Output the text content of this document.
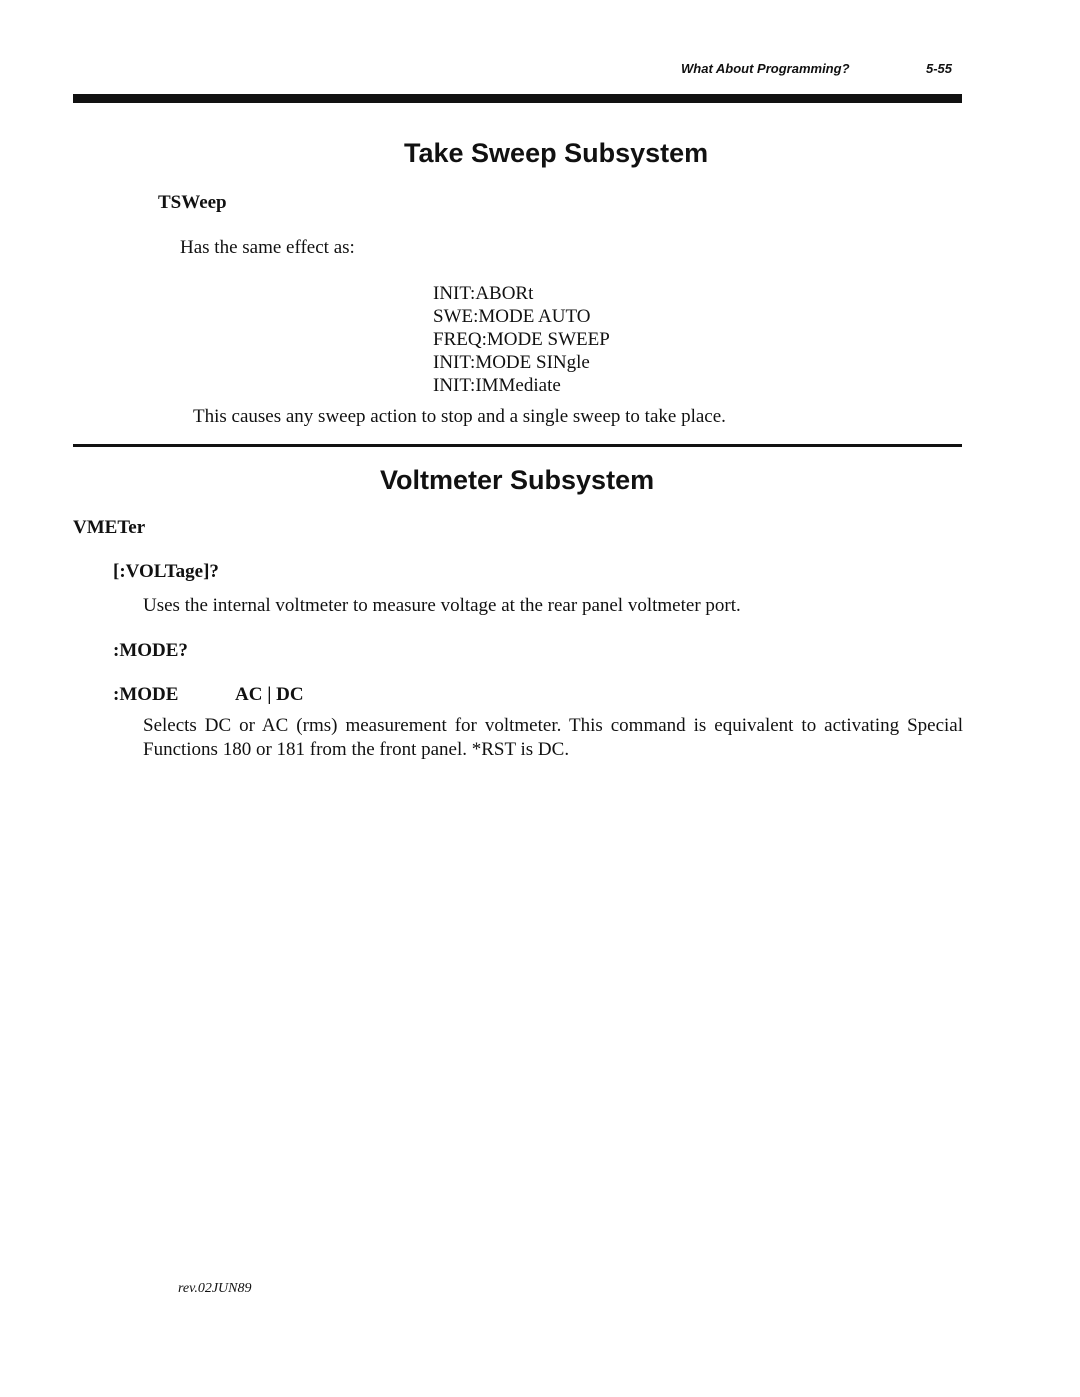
What About Programming?	5-55
Take Sweep Subsystem
TSWeep
Has the same effect as:
INIT:ABORt
SWE:MODE AUTO
FREQ:MODE SWEEP
INIT:MODE SINgle
INIT:IMMediate
This causes any sweep action to stop and a single sweep to take place.
Voltmeter Subsystem
VMETer
[:VOLTage]?
Uses the internal voltmeter to measure voltage at the rear panel voltmeter port.
:MODE?
:MODE	AC | DC
Selects DC or AC (rms) measurement for voltmeter. This command is equivalent to activating Special Functions 180 or 181 from the front panel. *RST is DC.
rev.02JUN89
